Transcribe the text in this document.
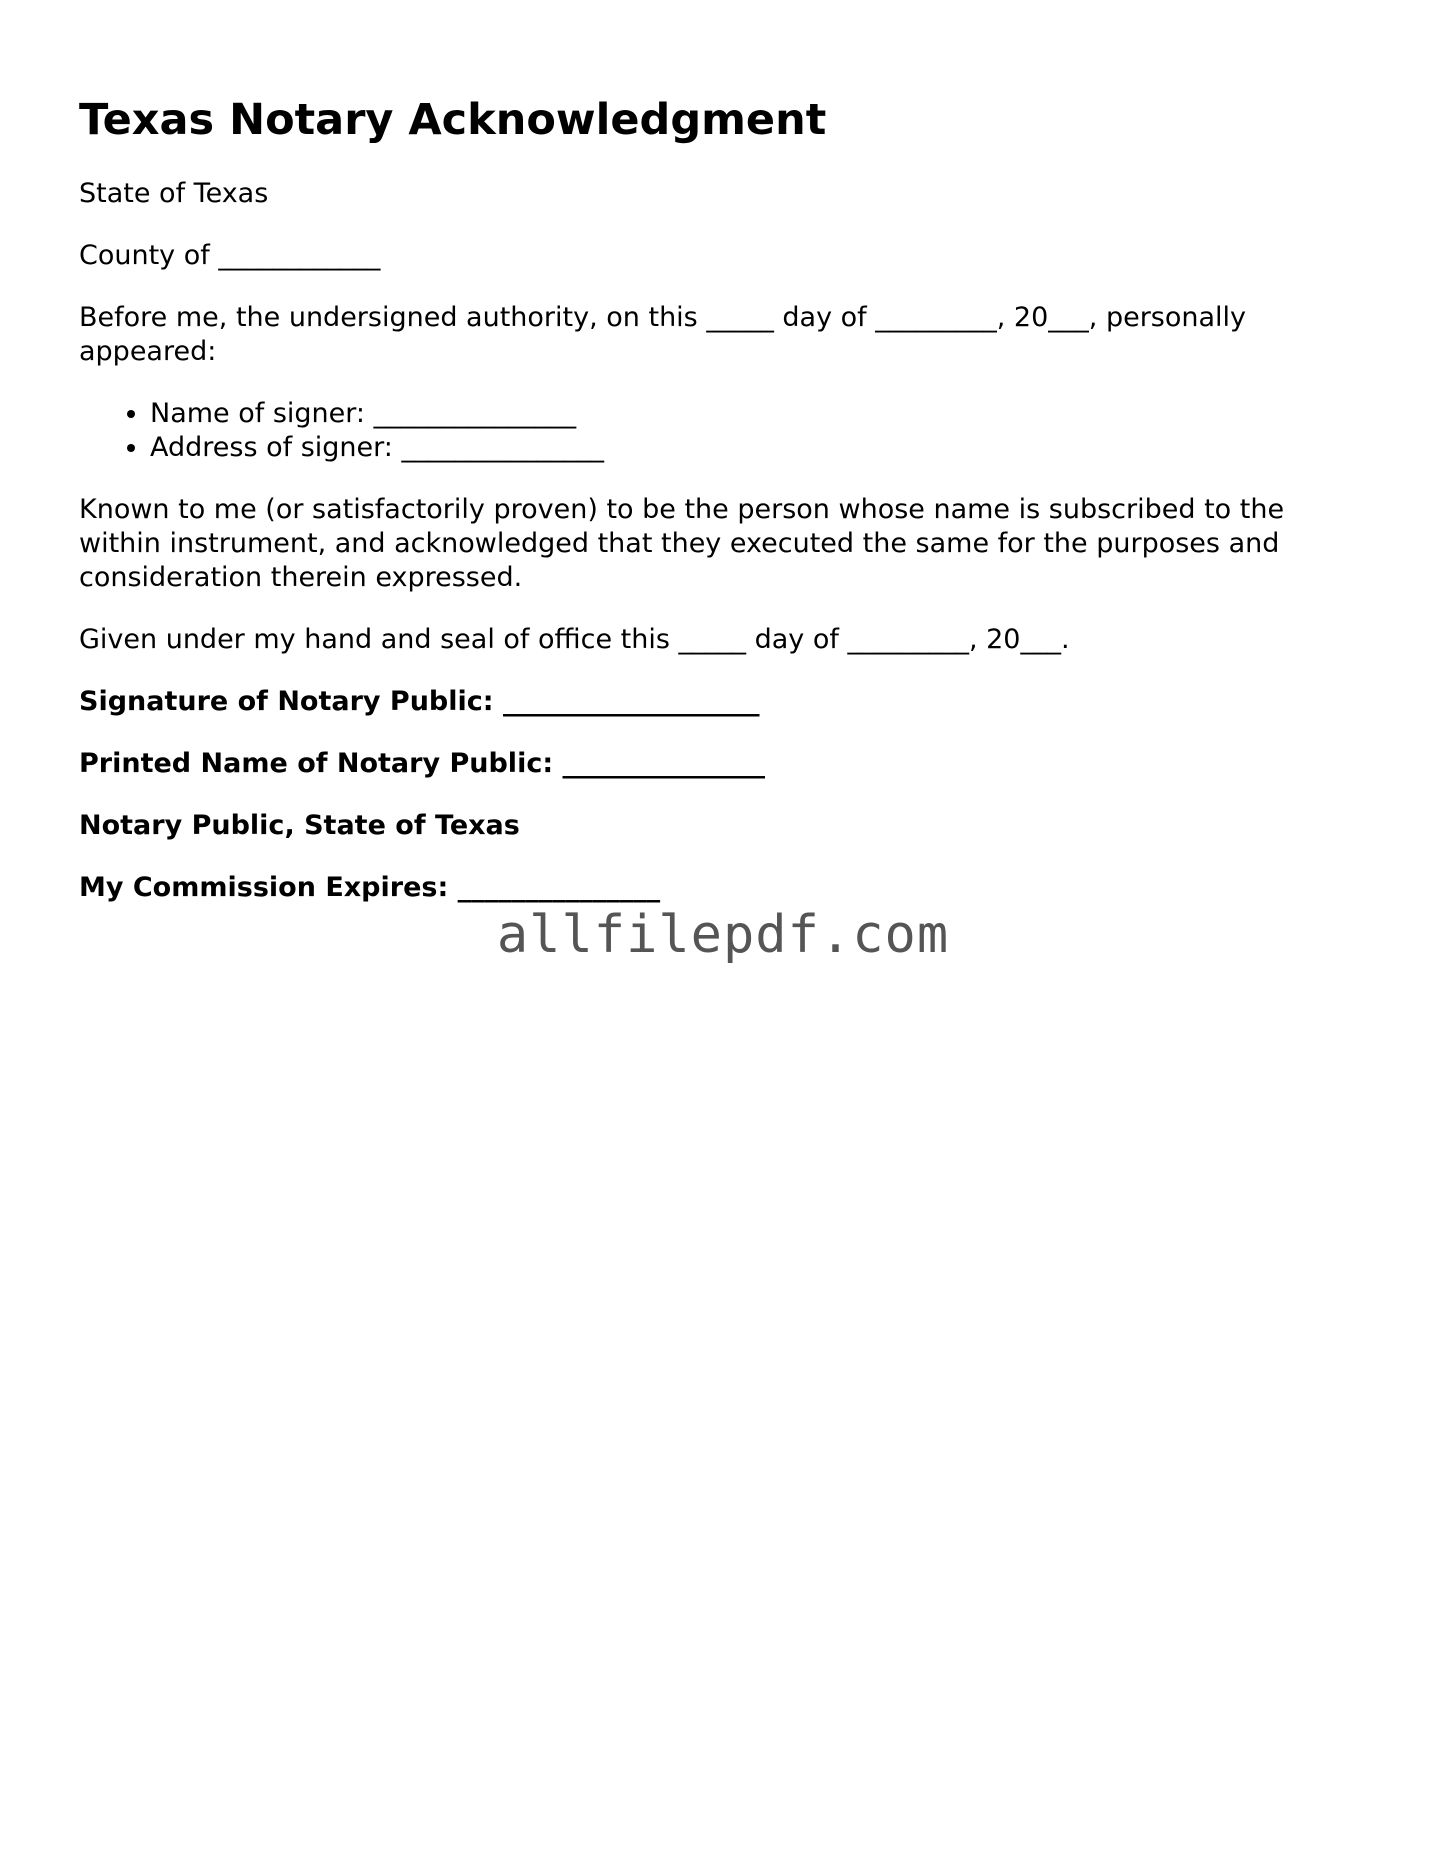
Texas Notary Acknowledgment

State of Texas

County of ____________

Before me, the undersigned authority, on this _____ day of _________, 20___, personally appeared:

• Name of signer: _______________
• Address of signer: _______________

Known to me (or satisfactorily proven) to be the person whose name is subscribed to the within instrument, and acknowledged that they executed the same for the purposes and consideration therein expressed.

Given under my hand and seal of office this _____ day of _________, 20___.

Signature of Notary Public: ___________________

Printed Name of Notary Public: _______________

Notary Public, State of Texas

My Commission Expires: _______________

allfilepdf.com
